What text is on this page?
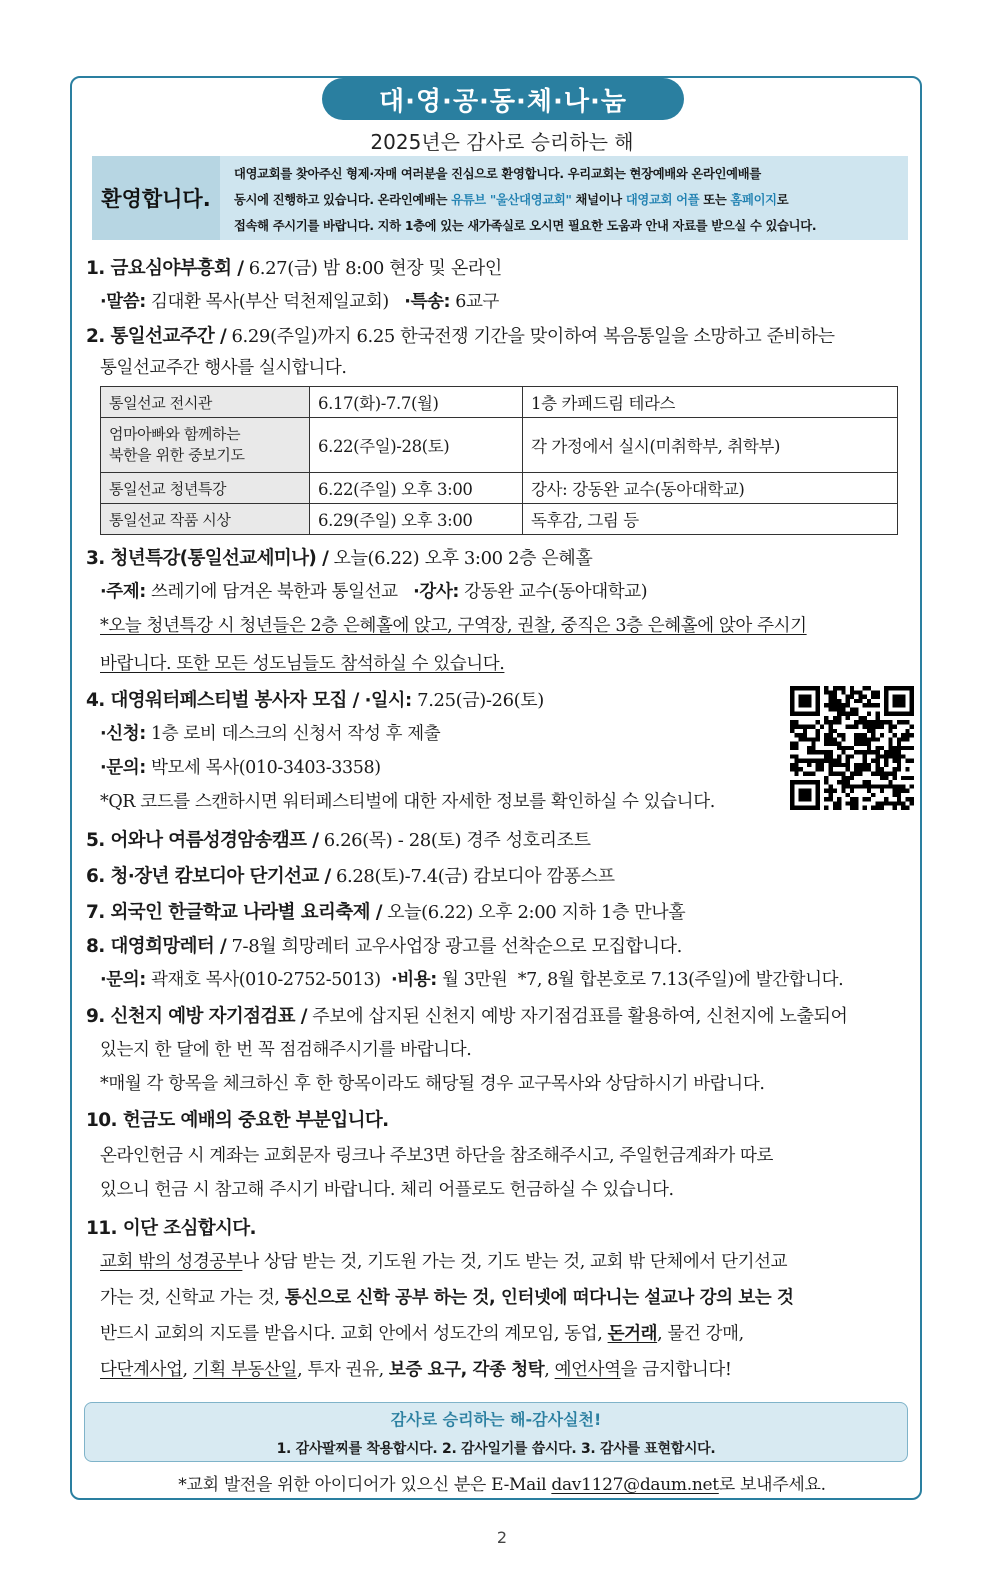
대·영·공·동·체·나·눔
2025년은 감사로 승리하는 해
환영합니다.
대영교회를 찾아주신 형제·자매 여러분을 진심으로 환영합니다. 우리교회는 현장예배와 온라인예배를
동시에 진행하고 있습니다. 온라인예배는 유튜브 "울산대영교회" 채널이나 대영교회 어플 또는 홈페이지로
접속해 주시기를 바랍니다. 지하 1층에 있는 새가족실로 오시면 필요한 도움과 안내 자료를 받으실 수 있습니다.
1. 금요심야부흥회 / 6.27(금) 밤 8:00 현장 및 온라인
·말씀: 김대환 목사(부산 덕천제일교회) ·특송: 6교구
2. 통일선교주간 / 6.29(주일)까지 6.25 한국전쟁 기간을 맞이하여 복음통일을 소망하고 준비하는
통일선교주간 행사를 실시합니다.
통일선교 전시관	6.17(화)-7.7(월)	1층 카페드림 테라스
엄마아빠와 함께하는
북한을 위한 중보기도	6.22(주일)-28(토)	각 가정에서 실시(미취학부, 취학부)
통일선교 청년특강	6.22(주일) 오후 3:00	강사: 강동완 교수(동아대학교)
통일선교 작품 시상	6.29(주일) 오후 3:00	독후감, 그림 등
3. 청년특강(통일선교세미나) / 오늘(6.22) 오후 3:00 2층 은혜홀
·주제: 쓰레기에 담겨온 북한과 통일선교 ·강사: 강동완 교수(동아대학교)
*오늘 청년특강 시 청년들은 2층 은혜홀에 앉고, 구역장, 권찰, 중직은 3층 은혜홀에 앉아 주시기
바랍니다. 또한 모든 성도님들도 참석하실 수 있습니다.
4. 대영워터페스티벌 봉사자 모집 / ·일시: 7.25(금)-26(토)
·신청: 1층 로비 데스크의 신청서 작성 후 제출
·문의: 박모세 목사(010-3403-3358)
*QR 코드를 스캔하시면 워터페스티벌에 대한 자세한 정보를 확인하실 수 있습니다.
5. 어와나 여름성경암송캠프 / 6.26(목) - 28(토) 경주 성호리조트
6. 청·장년 캄보디아 단기선교 / 6.28(토)-7.4(금) 캄보디아 깜퐁스프
7. 외국인 한글학교 나라별 요리축제 / 오늘(6.22) 오후 2:00 지하 1층 만나홀
8. 대영희망레터 / 7-8월 희망레터 교우사업장 광고를 선착순으로 모집합니다.
·문의: 곽재호 목사(010-2752-5013) ·비용: 월 3만원 *7, 8월 합본호로 7.13(주일)에 발간합니다.
9. 신천지 예방 자기점검표 / 주보에 삽지된 신천지 예방 자기점검표를 활용하여, 신천지에 노출되어
있는지 한 달에 한 번 꼭 점검해주시기를 바랍니다.
*매월 각 항목을 체크하신 후 한 항목이라도 해당될 경우 교구목사와 상담하시기 바랍니다.
10. 헌금도 예배의 중요한 부분입니다.
온라인헌금 시 계좌는 교회문자 링크나 주보3면 하단을 참조해주시고, 주일헌금계좌가 따로
있으니 헌금 시 참고해 주시기 바랍니다. 체리 어플로도 헌금하실 수 있습니다.
11. 이단 조심합시다.
교회 밖의 성경공부나 상담 받는 것, 기도원 가는 것, 기도 받는 것, 교회 밖 단체에서 단기선교
가는 것, 신학교 가는 것, 통신으로 신학 공부 하는 것, 인터넷에 떠다니는 설교나 강의 보는 것
반드시 교회의 지도를 받읍시다. 교회 안에서 성도간의 계모임, 동업, 돈거래, 물건 강매,
다단계사업, 기획 부동산일, 투자 권유, 보증 요구, 각종 청탁, 예언사역을 금지합니다!
감사로 승리하는 해-감사실천!
1. 감사팔찌를 착용합시다. 2. 감사일기를 씁시다. 3. 감사를 표현합시다.
*교회 발전을 위한 아이디어가 있으신 분은 E-Mail dav1127@daum.net로 보내주세요.
2
